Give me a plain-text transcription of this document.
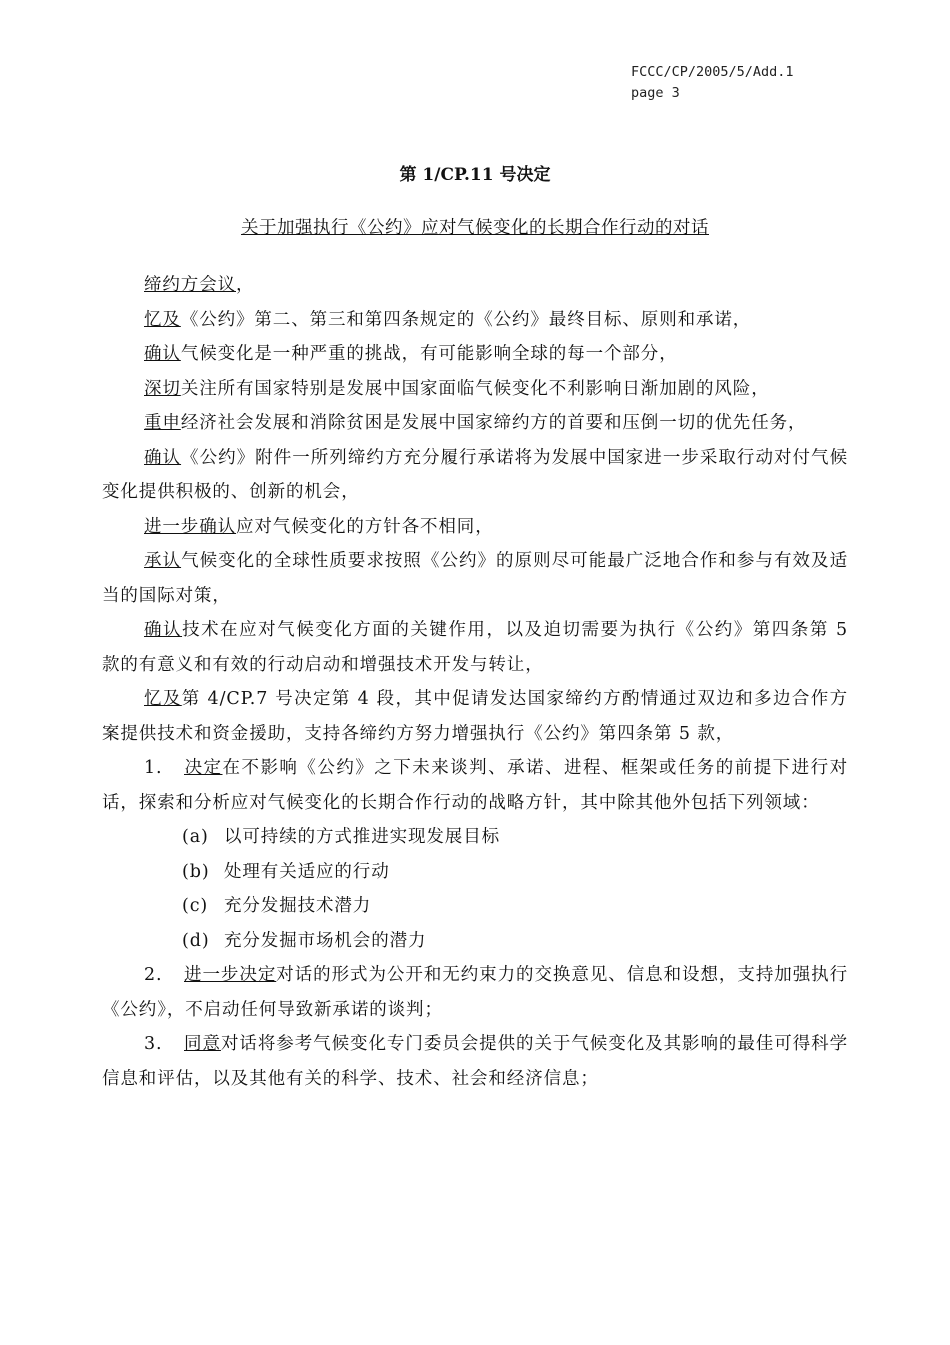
FCCC/CP/2005/5/Add.1
page 3
第 1/CP.11 号决定
关于加强执行《公约》应对气候变化的长期合作行动的对话

缔约方会议，

忆及《公约》第二、第三和第四条规定的《公约》最终目标、原则和承诺，

确认气候变化是一种严重的挑战，有可能影响全球的每一个部分，

深切关注所有国家特别是发展中国家面临气候变化不利影响日渐加剧的风险，

重申经济社会发展和消除贫困是发展中国家缔约方的首要和压倒一切的优先任务，

确认《公约》附件一所列缔约方充分履行承诺将为发展中国家进一步采取行动对付气候变化提供积极的、创新的机会，

进一步确认应对气候变化的方针各不相同，

承认气候变化的全球性质要求按照《公约》的原则尽可能最广泛地合作和参与有效及适当的国际对策，

确认技术在应对气候变化方面的关键作用，以及迫切需要为执行《公约》第四条第 5 款的有意义和有效的行动启动和增强技术开发与转让，

忆及第 4/CP.7 号决定第 4 段，其中促请发达国家缔约方酌情通过双边和多边合作方案提供技术和资金援助，支持各缔约方努力增强执行《公约》第四条第 5 款，

1. 决定在不影响《公约》之下未来谈判、承诺、进程、框架或任务的前提下进行对话，探索和分析应对气候变化的长期合作行动的战略方针，其中除其他外包括下列领域：

(a) 以可持续的方式推进实现发展目标

(b) 处理有关适应的行动

(c) 充分发掘技术潜力

(d) 充分发掘市场机会的潜力

2. 进一步决定对话的形式为公开和无约束力的交换意见、信息和设想，支持加强执行《公约》，不启动任何导致新承诺的谈判；

3. 同意对话将参考气候变化专门委员会提供的关于气候变化及其影响的最佳可得科学信息和评估，以及其他有关的科学、技术、社会和经济信息；
